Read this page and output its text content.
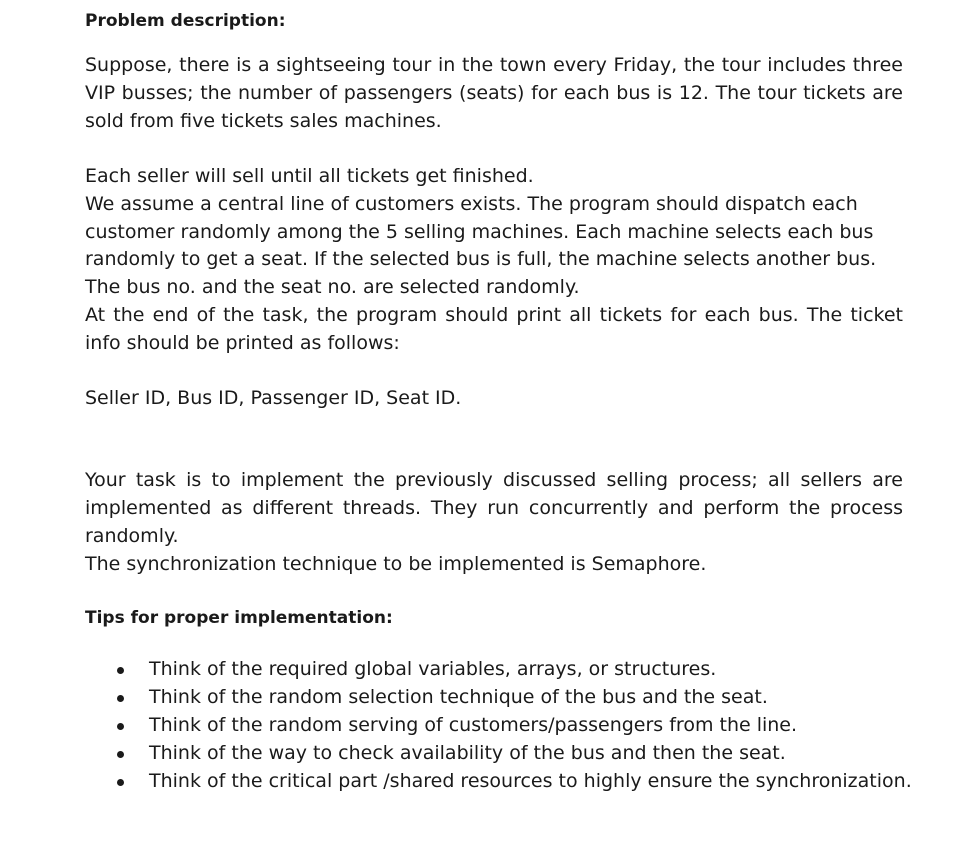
Problem description:

Suppose, there is a sightseeing tour in the town every Friday, the tour includes three VIP busses; the number of passengers (seats) for each bus is 12. The tour tickets are sold from five tickets sales machines.

Each seller will sell until all tickets get finished.
We assume a central line of customers exists. The program should dispatch each
customer randomly among the 5 selling machines. Each machine selects each bus
randomly to get a seat. If the selected bus is full, the machine selects another bus.
The bus no. and the seat no. are selected randomly.

At the end of the task, the program should print all tickets for each bus. The ticket info should be printed as follows:

Seller ID, Bus ID, Passenger ID, Seat ID.

Your task is to implement the previously discussed selling process; all sellers are implemented as different threads. They run concurrently and perform the process randomly.

The synchronization technique to be implemented is Semaphore.
Tips for proper implementation:
Think of the required global variables, arrays, or structures.
Think of the random selection technique of the bus and the seat.
Think of the random serving of customers/passengers from the line.
Think of the way to check availability of the bus and then the seat.
Think of the critical part /shared resources to highly ensure the synchronization.
